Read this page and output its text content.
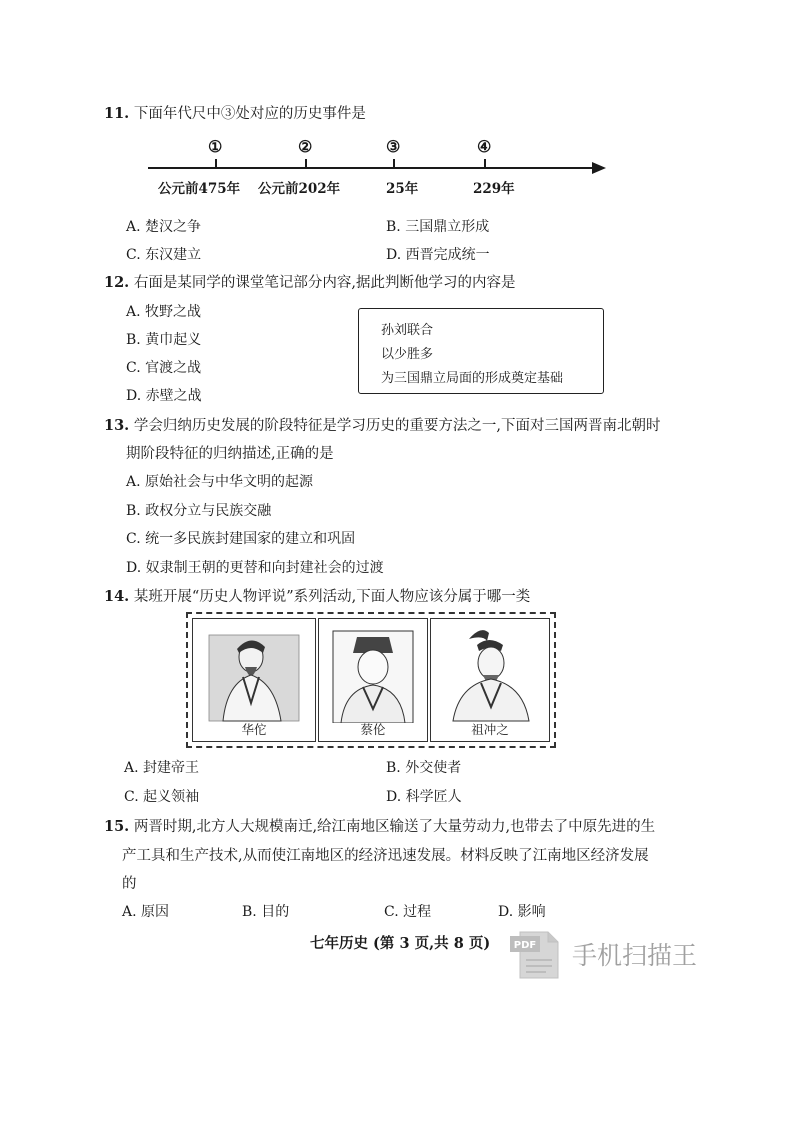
11. 下面年代尺中③处对应的历史事件是
①	②	③	④
公元前475年 公元前202年	25年	229年
A. 楚汉之争	B. 三国鼎立形成
C. 东汉建立	D. 西晋完成统一
12. 右面是某同学的课堂笔记部分内容,据此判断他学习的内容是
A. 牧野之战
B. 黄巾起义
C. 官渡之战
D. 赤壁之战
孙刘联合
以少胜多
为三国鼎立局面的形成奠定基础
13. 学会归纳历史发展的阶段特征是学习历史的重要方法之一,下面对三国两晋南北朝时
期阶段特征的归纳描述,正确的是
A. 原始社会与中华文明的起源
B. 政权分立与民族交融
C. 统一多民族封建国家的建立和巩固
D. 奴隶制王朝的更替和向封建社会的过渡
14. 某班开展“历史人物评说”系列活动,下面人物应该分属于哪一类
华佗	蔡伦	祖冲之
A. 封建帝王	B. 外交使者
C. 起义领袖	D. 科学匠人
15. 两晋时期,北方人大规模南迁,给江南地区输送了大量劳动力,也带去了中原先进的生
产工具和生产技术,从而使江南地区的经济迅速发展。材料反映了江南地区经济发展
的
A. 原因	B. 目的	C. 过程	D. 影响
七年历史 (第 3 页,共 8 页) PDF 手机扫描王
